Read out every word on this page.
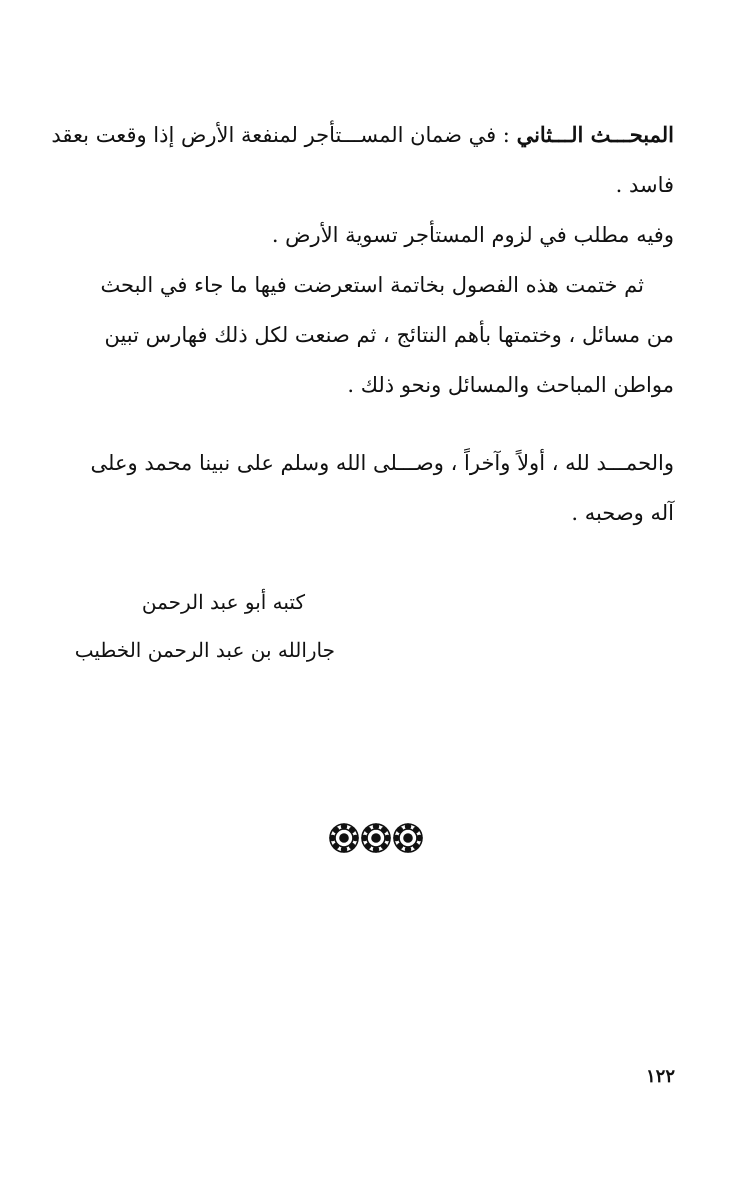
المبحـــث الـــثاني : في ضمان المســـتأجر لمنفعة الأرض إذا وقعت بعقد
فاسد .
وفيه مطلب في لزوم المستأجر تسوية الأرض .
ثم ختمت هذه الفصول بخاتمة استعرضت فيها ما جاء في البحث
من مسائل ، وختمتها بأهم النتائج ، ثم صنعت لكل ذلك فهارس تبين
مواطن المباحث والمسائل ونحو ذلك .
والحمـــد لله ، أولاً وآخراً ، وصـــلى الله وسلم على نبينا محمد وعلى
آله وصحبه .
كتبه أبو عبد الرحمن
جارالله بن عبد الرحمن الخطيب
١٢٢
